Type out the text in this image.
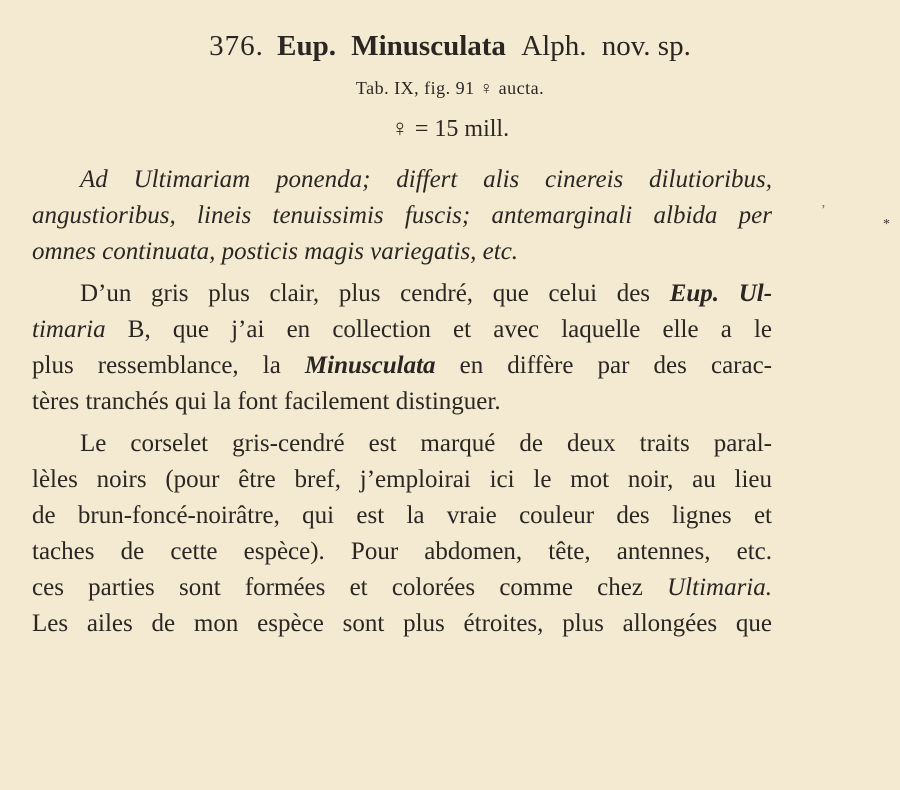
376. Eup. Minusculata Alph. nov. sp.
Tab. IX, fig. 91 ♀ aucta.
♀ = 15 mill.
Ad Ultimariam ponenda; differt alis cinereis dilutioribus,
angustioribus, lineis tenuissimis fuscis; antemarginali albida per
omnes continuata, posticis magis variegatis, etc.
D’un gris plus clair, plus cendré, que celui des Eup. Ul-
timaria B, que j’ai en collection et avec laquelle elle a le
plus ressemblance, la Minusculata en diffère par des carac-
tères tranchés qui la font facilement distinguer.
Le corselet gris-cendré est marqué de deux traits paral-
lèles noirs (pour être bref, j’emploirai ici le mot noir, au lieu
de brun-foncé-noirâtre, qui est la vraie couleur des lignes et
taches de cette espèce). Pour abdomen, tête, antennes, etc.
ces parties sont formées et colorées comme chez Ultimaria.
Les ailes de mon espèce sont plus étroites, plus allongées que
’
*
